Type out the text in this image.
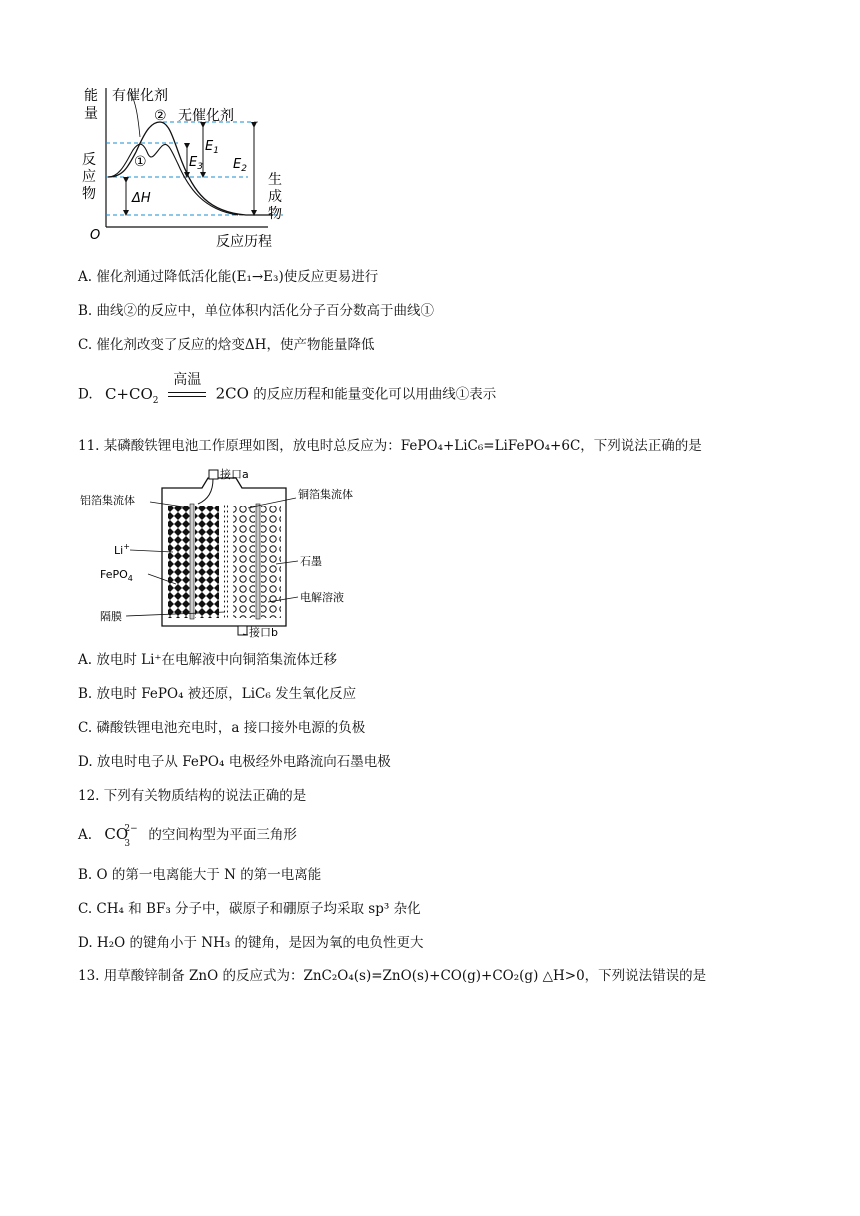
能
量
反
应
物
生
成
物
O	反应历程
有催化剂
无催化剂
①
②
$E_1$
$E_3$ $E_2$
ΔH
A. 催化剂通过降低活化能(E₁→E₃)使反应更易进行
B. 曲线②的反应中，单位体积内活化分子百分数高于曲线①
C. 催化剂改变了反应的焓变ΔH，使产物能量降低
D. $C+CO_2$
高温
2CO 的反应历程和能量变化可以用曲线①表示
11. 某磷酸铁锂电池工作原理如图，放电时总反应为：FePO₄+LiC₆=LiFePO₄+6C，下列说法正确的是
接口a
接口b
铝箔集流体	铜箔集流体
Li+
FePO$_4$
隔膜
石墨
电解溶液
A. 放电时 Li⁺在电解液中向铜箔集流体迁移
B. 放电时 FePO₄ 被还原，LiC₆ 发生氧化反应
C. 磷酸铁锂电池充电时，a 接口接外电源的负极
D. 放电时电子从 FePO₄ 电极经外电路流向石墨电极
12. 下列有关物质结构的说法正确的是
A. CO
2−
3
的空间构型为平面三角形
B. O 的第一电离能大于 N 的第一电离能
C. CH₄ 和 BF₃ 分子中，碳原子和硼原子均采取 sp³ 杂化
D. H₂O 的键角小于 NH₃ 的键角，是因为氧的电负性更大
13. 用草酸锌制备 ZnO 的反应式为：ZnC₂O₄(s)=ZnO(s)+CO(g)+CO₂(g) △H>0，下列说法错误的是
